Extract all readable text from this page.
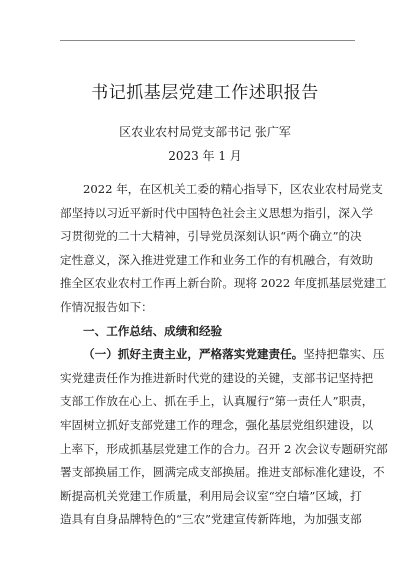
书记抓基层党建工作述职报告
区农业农村局党支部书记 张广军
2023 年 1 月
2022 年，在区机关工委的精心指导下，区农业农村局党支
部坚持以习近平新时代中国特色社会主义思想为指引，深入学
习贯彻党的二十大精神，引导党员深刻认识“两个确立”的决
定性意义，深入推进党建工作和业务工作的有机融合，有效助
推全区农业农村工作再上新台阶。现将 2022 年度抓基层党建工
作情况报告如下：
一、工作总结、成绩和经验
（一）抓好主责主业，严格落实党建责任。坚持把靠实、压
实党建责任作为推进新时代党的建设的关键，支部书记坚持把
支部工作放在心上、抓在手上，认真履行“第一责任人”职责，
牢固树立抓好支部党建工作的理念，强化基层党组织建设，以
上率下，形成抓基层党建工作的合力。召开 2 次会议专题研究部
署支部换届工作，圆满完成支部换届。推进支部标准化建设，不
断提高机关党建工作质量，利用局会议室“空白墙”区域，打
造具有自身品牌特色的“三农”党建宣传新阵地，为加强支部
